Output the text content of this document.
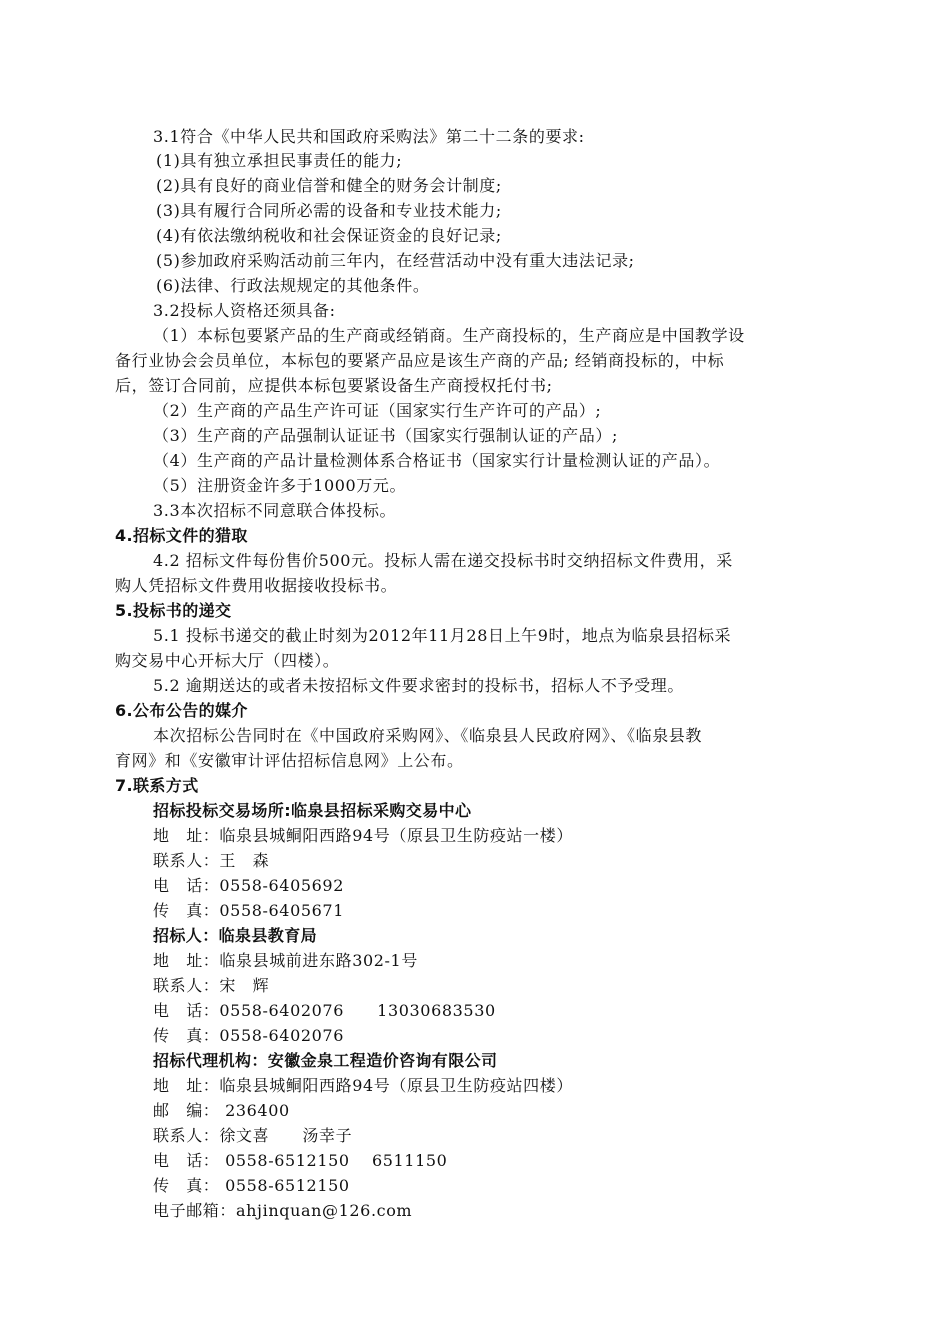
3.1符合《中华人民共和国政府采购法》第二十二条的要求:
(1)具有独立承担民事责任的能力;
(2)具有良好的商业信誉和健全的财务会计制度;
(3)具有履行合同所必需的设备和专业技术能力;
(4)有依法缴纳税收和社会保证资金的良好记录;
(5)参加政府采购活动前三年内，在经营活动中没有重大违法记录;
(6)法律、行政法规规定的其他条件。
3.2投标人资格还须具备:
（1）本标包要紧产品的生产商或经销商。生产商投标的，生产商应是中国教学设
备行业协会会员单位，本标包的要紧产品应是该生产商的产品; 经销商投标的，中标
后，签订合同前，应提供本标包要紧设备生产商授权托付书;
（2）生产商的产品生产许可证（国家实行生产许可的产品）;
（3）生产商的产品强制认证证书（国家实行强制认证的产品）;
（4）生产商的产品计量检测体系合格证书（国家实行计量检测认证的产品）。
（5）注册资金许多于1000万元。
3.3本次招标不同意联合体投标。
4.招标文件的猎取
4.2 招标文件每份售价500元。投标人需在递交投标书时交纳招标文件费用，采
购人凭招标文件费用收据接收投标书。
5.投标书的递交
5.1 投标书递交的截止时刻为2012年11月28日上午9时，地点为临泉县招标采
购交易中心开标大厅（四楼）。
5.2 逾期送达的或者未按招标文件要求密封的投标书，招标人不予受理。
6.公布公告的媒介
本次招标公告同时在《中国政府采购网》、《临泉县人民政府网》、《临泉县教
育网》和《安徽审计评估招标信息网》上公布。
7.联系方式
招标投标交易场所:临泉县招标采购交易中心
地　址：临泉县城鲖阳西路94号（原县卫生防疫站一楼）
联系人：王　森
电　话：0558-6405692
传　真：0558-6405671
招标人：临泉县教育局
地　址：临泉县城前进东路302-1号
联系人：宋　辉
电　话：0558-6402076　　13030683530
传　真：0558-6402076
招标代理机构：安徽金泉工程造价咨询有限公司
地　址：临泉县城鲖阳西路94号（原县卫生防疫站四楼）
邮　编： 236400
联系人：徐文喜　　汤幸子
电　话： 0558-6512150　 6511150
传　真： 0558-6512150
电子邮箱：ahjinquan@126.com
